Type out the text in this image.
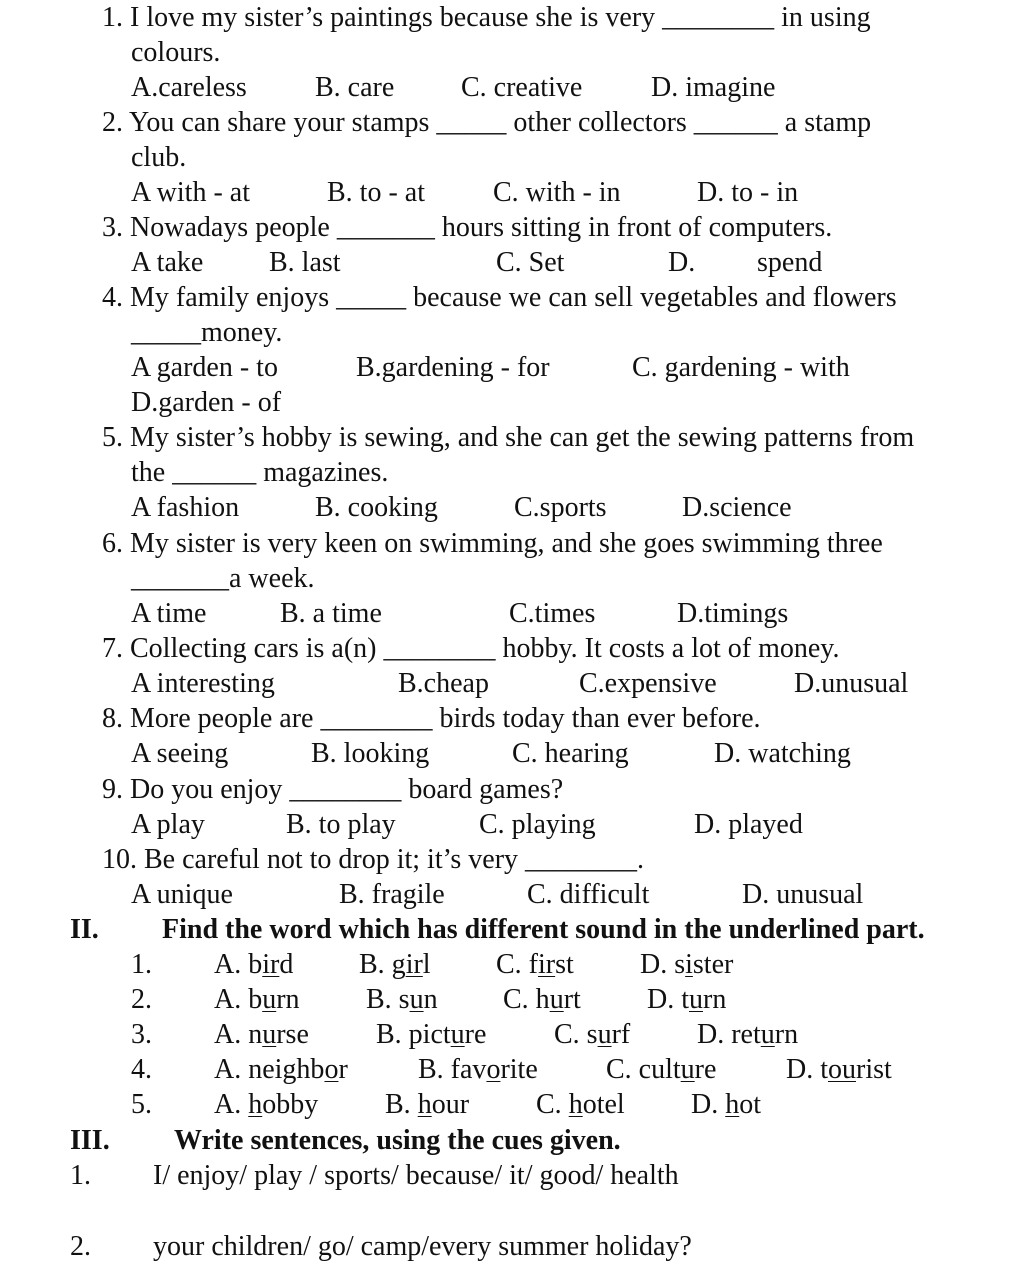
1. I love my sister’s paintings because she is very ________ in using
colours.
A.careless B. care C. creative D. imagine
2. You can share your stamps _____ other collectors ______ a stamp
club.
A with - at	B. to - at C. with - in	D. to - in
3. Nowadays people _______ hours sitting in front of computers.
A take B. last	C. Set	D. spend
4. My family enjoys _____ because we can sell vegetables and flowers
_____money.
A garden - to	B.gardening - for	C. gardening - with
D.garden - of
5. My sister’s hobby is sewing, and she can get the sewing patterns from
the ______ magazines.
A fashion	B. cooking	C.sports	D.science
6. My sister is very keen on swimming, and she goes swimming three
_______a week.
A time	B. a time	C.times	D.timings
7. Collecting cars is a(n) ________ hobby. It costs a lot of money.
A interesting	B.cheap	C.expensive	D.unusual
8. More people are ________ birds today than ever before.
A seeing	B. looking	C. hearing	D. watching
9. Do you enjoy ________ board games?
A play	B. to play	C. playing	D. played
10. Be careful not to drop it; it’s very ________.
A unique	B. fragile	C. difficult	D. unusual
II. Find the word which has different sound in the underlined part.
1. A. bird B. girl C. first D. sister
2. A. burn B. sun C. hurt D. turn
3. A. nurse B. picture C. surf D. return
4. A. neighbor	B. favorite C. culture D. tourist
5. A. hobby B. hour C. hotel D. hot
III. Write sentences, using the cues given.
1. I/ enjoy/ play / sports/ because/ it/ good/ health
2. your children/ go/ camp/every summer holiday?
